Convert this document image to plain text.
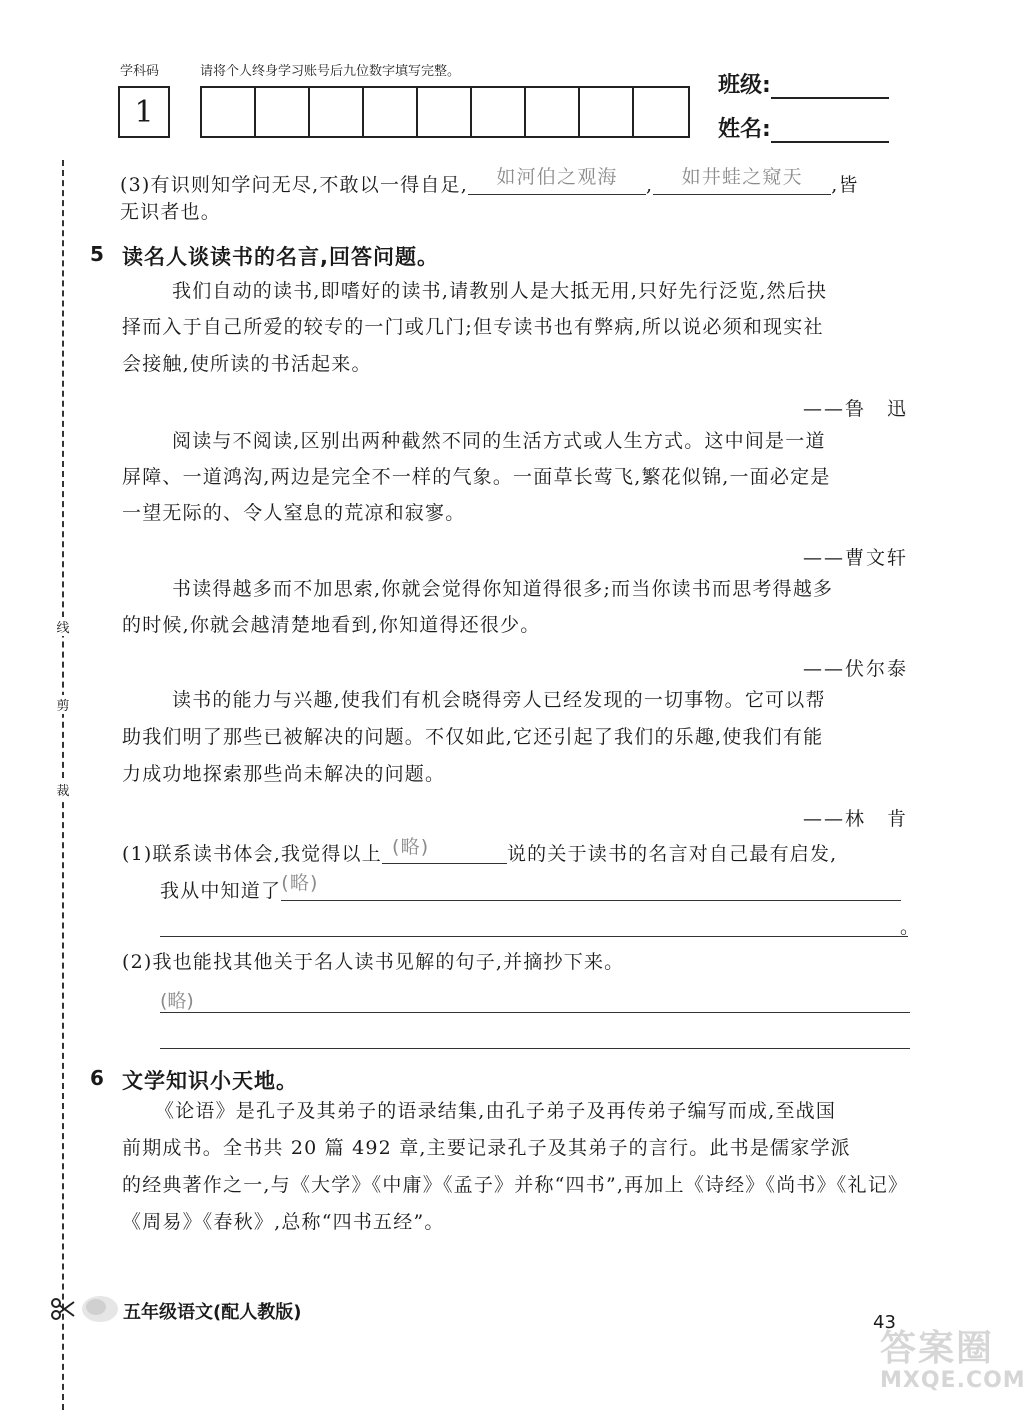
学科码	请将个人终身学习账号后九位数字填写完整。
1
班级:
姓名:
线
剪
裁
(3)有识则知学问无尽,不敢以一得自足,	如河伯之观海	,	如井蛙之窥天	,皆
无识者也。
5 读名人谈读书的名言,回答问题。
我们自动的读书,即嗜好的读书,请教别人是大抵无用,只好先行泛览,然后抉
择而入于自己所爱的较专的一门或几门;但专读书也有弊病,所以说必须和现实社
会接触,使所读的书活起来。
——鲁　迅
阅读与不阅读,区别出两种截然不同的生活方式或人生方式。这中间是一道
屏障、一道鸿沟,两边是完全不一样的气象。一面草长莺飞,繁花似锦,一面必定是
一望无际的、令人窒息的荒凉和寂寥。
——曹文轩
书读得越多而不加思索,你就会觉得你知道得很多;而当你读书而思考得越多
的时候,你就会越清楚地看到,你知道得还很少。
——伏尔泰
读书的能力与兴趣,使我们有机会晓得旁人已经发现的一切事物。它可以帮
助我们明了那些已被解决的问题。不仅如此,它还引起了我们的乐趣,使我们有能
力成功地探索那些尚未解决的问题。
——林　肯
(1)联系读书体会,我觉得以上 (略)	说的关于读书的名言对自己最有启发,
我从中知道了 (略)
。
(2)我也能找其他关于名人读书见解的句子,并摘抄下来。
(略)
6 文学知识小天地。
《论语》是孔子及其弟子的语录结集,由孔子弟子及再传弟子编写而成,至战国
前期成书。全书共 20 篇 492 章,主要记录孔子及其弟子的言行。此书是儒家学派
的经典著作之一,与《大学》《中庸》《孟子》并称“四书”,再加上《诗经》《尚书》《礼记》
《周易》《春秋》,总称“四书五经”。
五年级语文(配人教版)	43
答案圈
MXQE.COM
